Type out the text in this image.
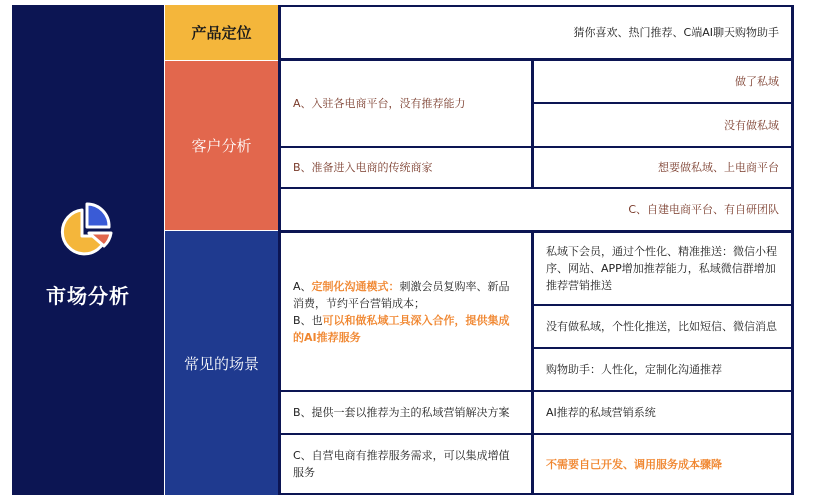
市场分析
产品定位
客户分析
常见的场景
猜你喜欢、热门推荐、C端AI聊天购物助手
A、入驻各电商平台，没有推荐能力
做了私域
没有做私域
B、准备进入电商的传统商家	想要做私域、上电商平台
C、自建电商平台、有自研团队
A、定制化沟通模式：刺激会员复购率、新品消费，节约平台营销成本；
B、也可以和做私域工具深入合作，提供集成的AI推荐服务
私域下会员，通过个性化、精准推送：微信小程序、网站、APP增加推荐能力，私域微信群增加推荐营销推送
没有做私域，个性化推送，比如短信、微信消息
购物助手：人性化，定制化沟通推荐
B、提供一套以推荐为主的私域营销解决方案	AI推荐的私域营销系统
C、自营电商有推荐服务需求，可以集成增值服务
不需要自己开发、调用服务成本骤降
